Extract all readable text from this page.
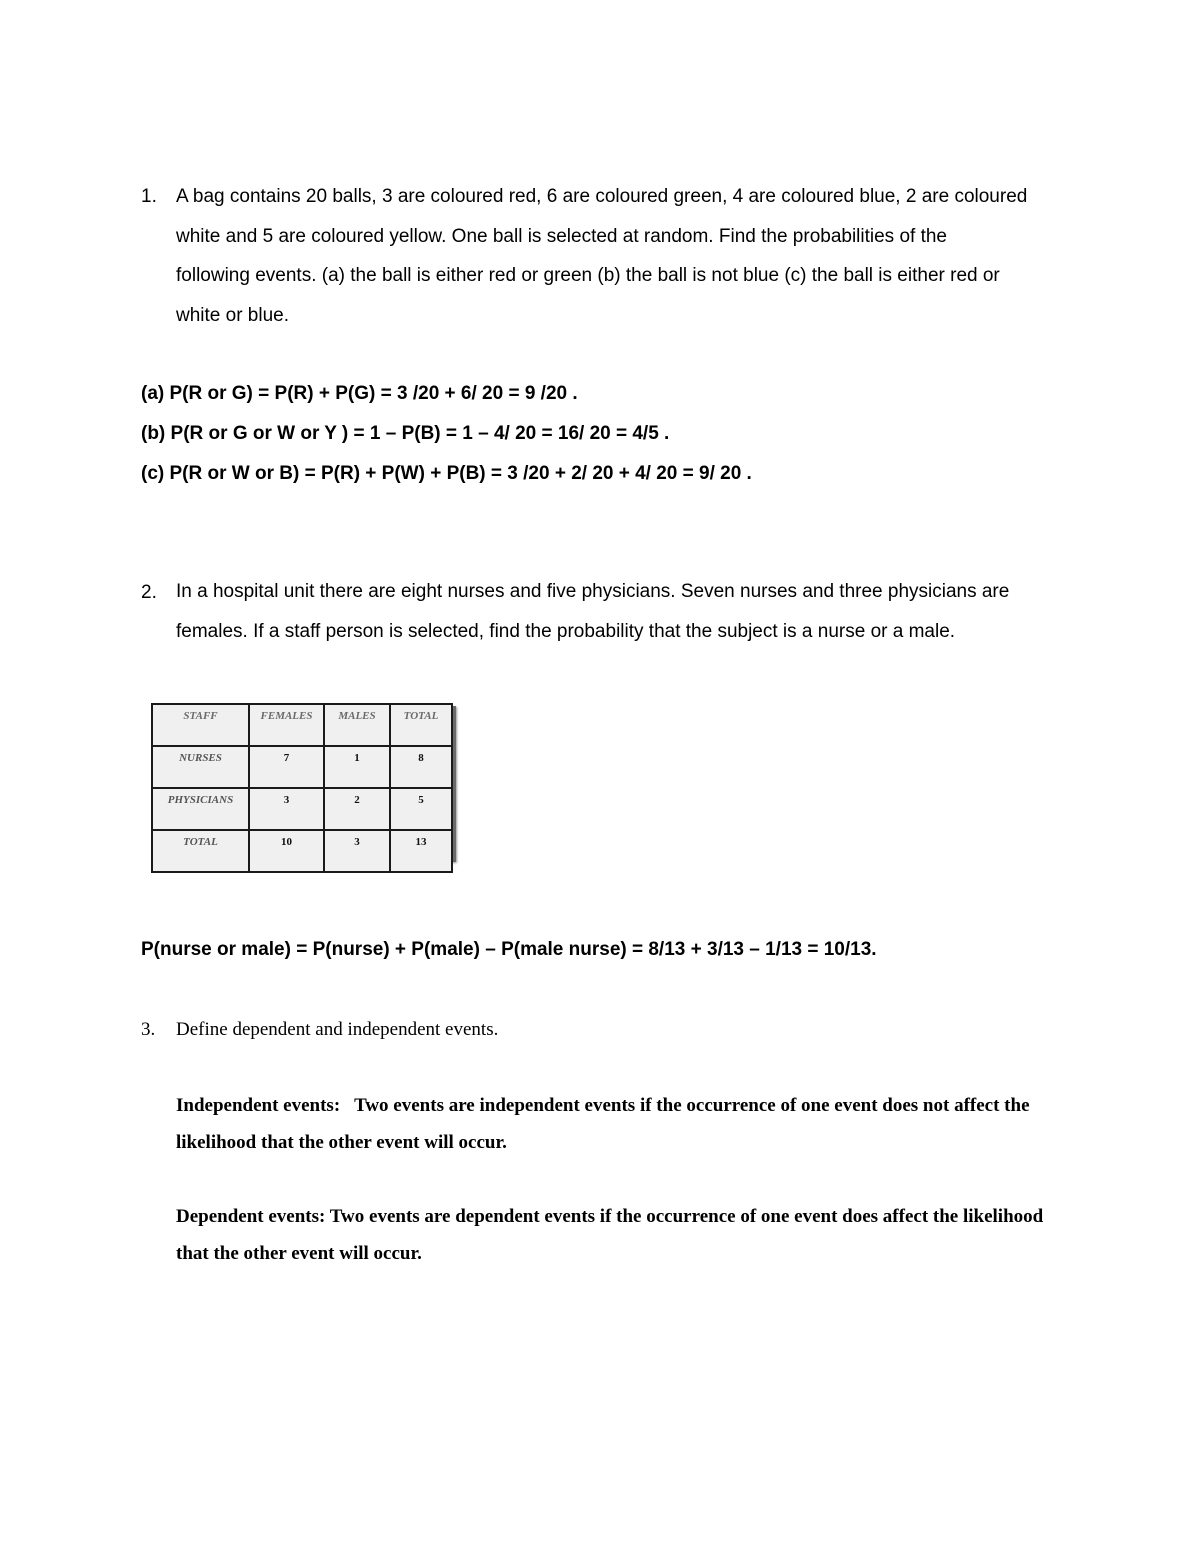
1. A bag contains 20 balls, 3 are coloured red, 6 are coloured green, 4 are coloured blue, 2 are coloured
white and 5 are coloured yellow. One ball is selected at random. Find the probabilities of the
following events. (a) the ball is either red or green (b) the ball is not blue (c) the ball is either red or
white or blue.
(a) P(R or G) = P(R) + P(G) = 3 /20 + 6/ 20 = 9 /20 .
(b) P(R or G or W or Y ) = 1 – P(B) = 1 – 4/ 20 = 16/ 20 = 4/5 .
(c) P(R or W or B) = P(R) + P(W) + P(B) = 3 /20 + 2/ 20 + 4/ 20 = 9/ 20 .
2. In a hospital unit there are eight nurses and five physicians. Seven nurses and three physicians are
females. If a staff person is selected, find the probability that the subject is a nurse or a male.
STAFF	FEMALES	MALES	TOTAL
NURSES	7	1	8
PHYSICIANS	3	2	5
TOTAL	10	3	13
P(nurse or male) = P(nurse) + P(male) – P(male nurse) = 8/13 + 3/13 – 1/13 = 10/13.
3. Define dependent and independent events.
Independent events: Two events are independent events if the occurrence of one event does not affect the likelihood that the other event will occur.
Dependent events: Two events are dependent events if the occurrence of one event does affect the likelihood that the other event will occur.
